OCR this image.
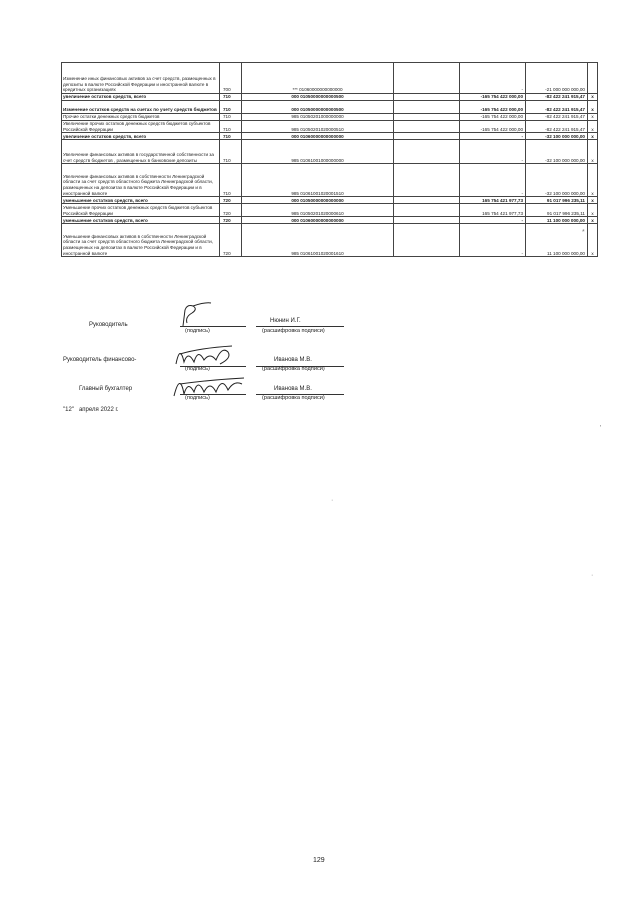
Изменение иных финансовых активов за счет средств, размещенных в депозиты в валюте Российской Федерации и иностранной валюте в кредитных организациях	700	*** 01060000000000000		-	-21 000 000 000,00	
увеличение остатков средств, всего	710	000 01050000000000500		-165 754 422 000,00	-82 422 241 915,47	x
Изменение остатков средств на счетах по учету средств бюджетов	710	000 01050000000000500		-165 754 422 000,00	-82 422 241 915,47	x
Прочие остатки денежных средств бюджетов	710	985 01050201000000000		-165 754 422 000,00	-82 422 241 915,47	x
Увеличение прочих остатков денежных средств бюджетов субъектов Российской Федерации	710	985 01050201020000510		-165 754 422 000,00	-82 422 241 915,47	x
увеличение остатков средств, всего	710	000 01060000000000000		-	-32 100 000 000,00	x
Увеличение финансовых активов в государственной собственности за счет средств бюджетов , размещенных в банковские депозиты	710	985 01061001000000000		-	-32 100 000 000,00	x
Увеличение финансовых активов в собственности Ленинградской области за счет средств областного бюджета Ленинградской области, размещенных на депозитах в валюте Российской Федерации и в иностранной валюте	710	985 01061001020001510		-	-32 100 000 000,00	x
уменьшение остатков средств, всего	720	000 01050000000000000		165 754 421 977,73	91 017 996 235,11	x
Уменьшение прочих остатков денежных средств бюджетов субъектов Российской Федерации	720	985 01050201020000610		165 754 421 977,73	91 017 996 235,11	x
уменьшение остатков средств, всего	720	000 01060000000000000		-	11 100 000 000,00	x
Уменьшение финансовых активов в собственности Ленинградской области за счет средств областного бюджета Ленинградской области, размещенных на депозитах в валюте Российской Федерации и в иностранной валюте	720	985 01061001020001610		-	11 100 000 000,00	x
Руководитель
(подпись)
Нюнин И.Г.
(расшифровка подписи)
Руководитель финансово-
(подпись)
Иванова М.В.
(расшифровка подписи)
Главный бухгалтер
(подпись)
Иванова М.В.
(расшифровка подписи)
"12" апреля 2022 г.
'
·
·
*
129
